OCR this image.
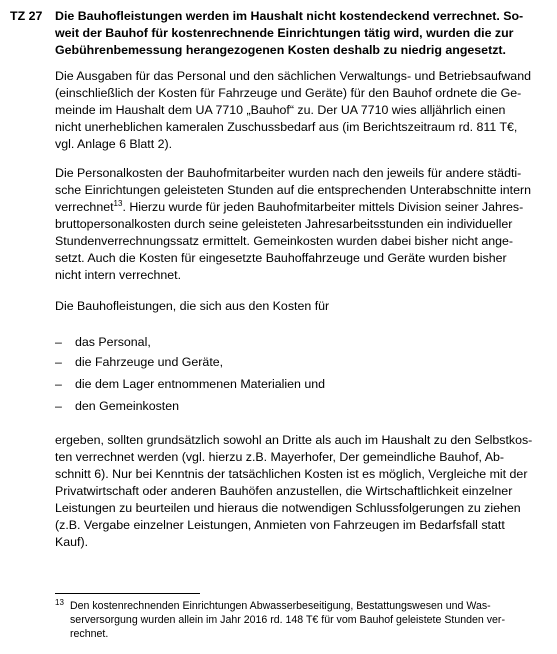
TZ 27 Die Bauhofleistungen werden im Haushalt nicht kostendeckend verrechnet. So-
weit der Bauhof für kostenrechnende Einrichtungen tätig wird, wurden die zur
Gebührenbemessung herangezogenen Kosten deshalb zu niedrig angesetzt.
Die Ausgaben für das Personal und den sächlichen Verwaltungs- und Betriebsaufwand
(einschließlich der Kosten für Fahrzeuge und Geräte) für den Bauhof ordnete die Ge-
meinde im Haushalt dem UA 7710 „Bauhof“ zu. Der UA 7710 wies alljährlich einen
nicht unerheblichen kameralen Zuschussbedarf aus (im Berichtszeitraum rd. 811 T€,
vgl. Anlage 6 Blatt 2).
Die Personalkosten der Bauhofmitarbeiter wurden nach den jeweils für andere städti-
sche Einrichtungen geleisteten Stunden auf die entsprechenden Unterabschnitte intern
verrechnet$^{13}$. Hierzu wurde für jeden Bauhofmitarbeiter mittels Division seiner Jahres-
bruttopersonalkosten durch seine geleisteten Jahresarbeitsstunden ein individueller
Stundenverrechnungssatz ermittelt. Gemeinkosten wurden dabei bisher nicht ange-
setzt. Auch die Kosten für eingesetzte Bauhoffahrzeuge und Geräte wurden bisher
nicht intern verrechnet.
Die Bauhofleistungen, die sich aus den Kosten für
– das Personal,
– die Fahrzeuge und Geräte,
– die dem Lager entnommenen Materialien und
– den Gemeinkosten
ergeben, sollten grundsätzlich sowohl an Dritte als auch im Haushalt zu den Selbstkos-
ten verrechnet werden (vgl. hierzu z.B. Mayerhofer, Der gemeindliche Bauhof, Ab-
schnitt 6). Nur bei Kenntnis der tatsächlichen Kosten ist es möglich, Vergleiche mit der
Privatwirtschaft oder anderen Bauhöfen anzustellen, die Wirtschaftlichkeit einzelner
Leistungen zu beurteilen und hieraus die notwendigen Schlussfolgerungen zu ziehen
(z.B. Vergabe einzelner Leistungen, Anmieten von Fahrzeugen im Bedarfsfall statt
Kauf).
13 Den kostenrechnenden Einrichtungen Abwasserbeseitigung, Bestattungswesen und Was-
serversorgung wurden allein im Jahr 2016 rd. 148 T€ für vom Bauhof geleistete Stunden ver-
rechnet.
